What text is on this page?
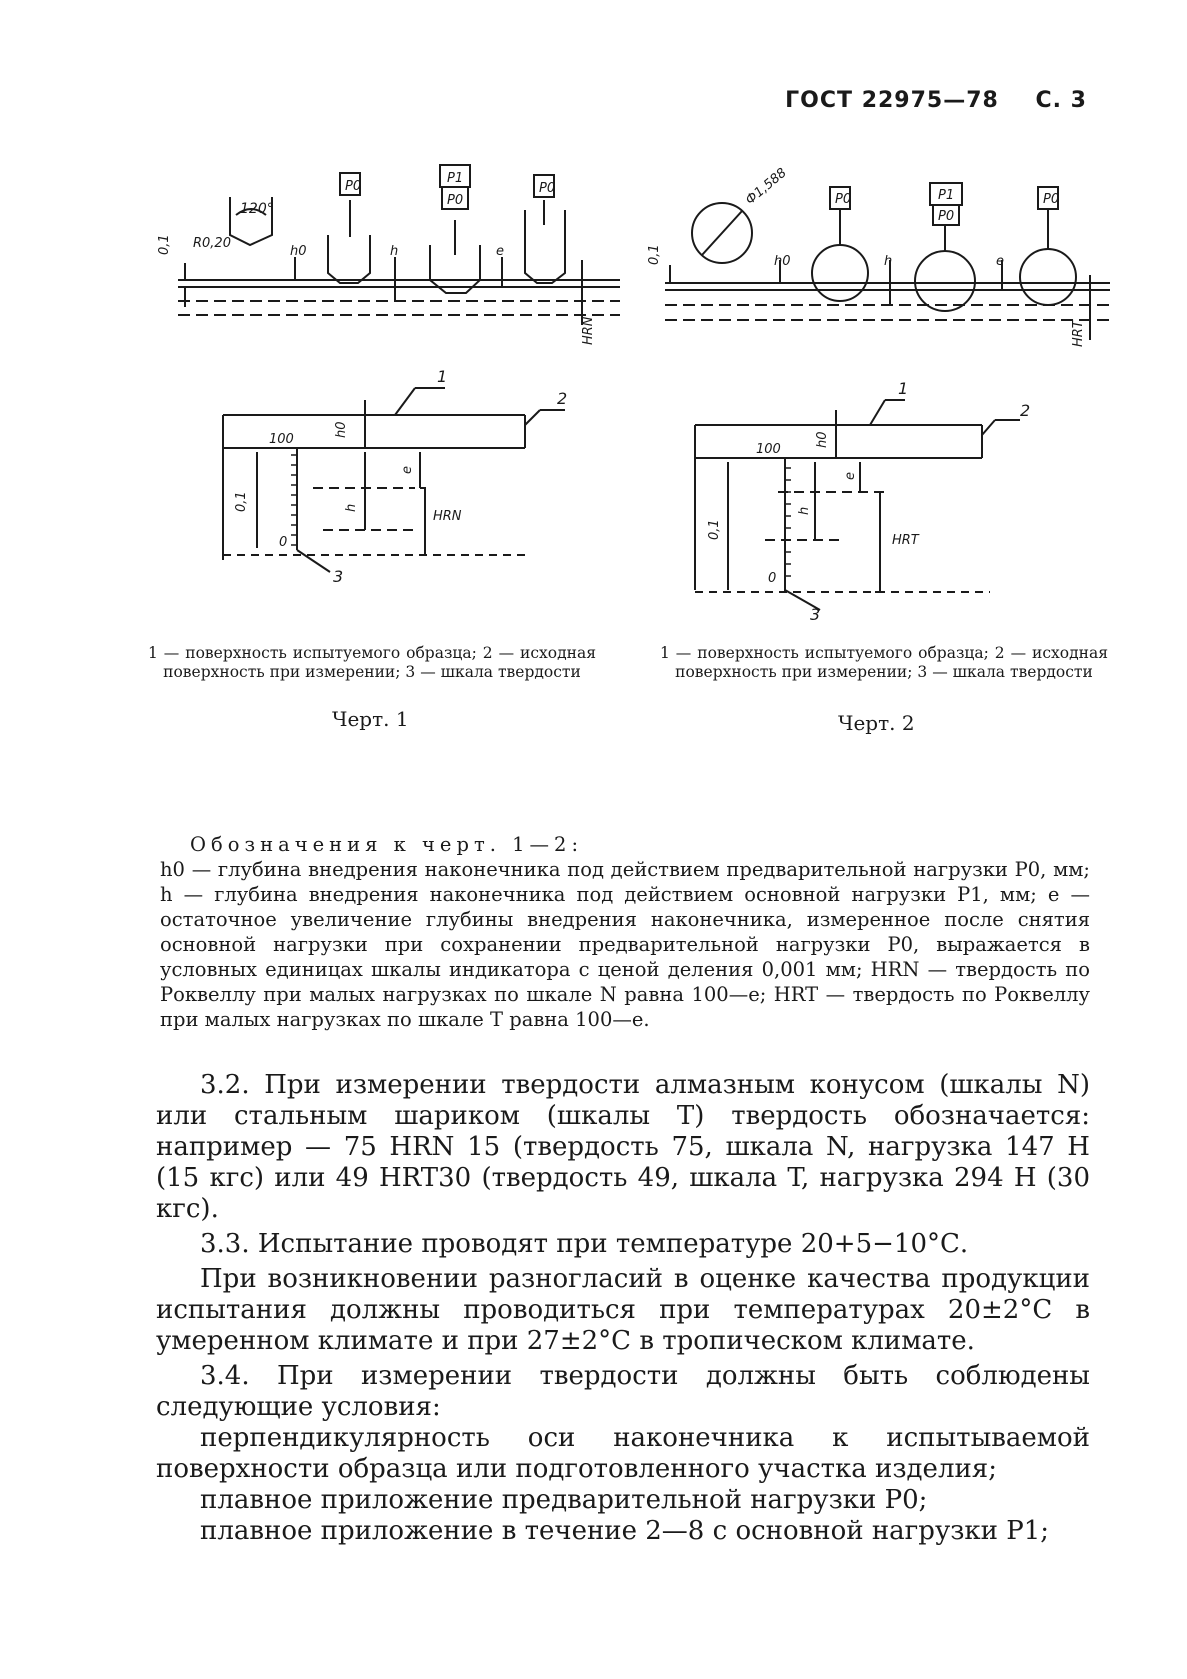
ГОСТ 22975—78 С. 3
120°
R0,20
0,1	h0
P0
P1
P0
P0
h	e
HRN
Ф1,588
0,1	h0
P0	P1
P0
P0
h	e
HRT
100
0
0,1
h0
h
e
HRN
1
2
3
100
0
0,1
h0
h
e
HRT
1
2
3
1 — поверхность испытуемого образца; 2 — исходная поверхность при измерении; 3 — шкала твердости
1 — поверхность испытуемого образца; 2 — исходная поверхность при измерении; 3 — шкала твердости
Черт. 1	Черт. 2

Обозначения к черт. 1—2:

h0 — глубина внедрения наконечника под действием предварительной нагрузки P0, мм; h — глубина внедрения наконечника под действием основной нагрузки P1, мм; e — остаточное увеличение глубины внедрения наконечника, измеренное после снятия основной нагрузки при сохранении предварительной нагрузки P0, выражается в условных единицах шкалы индикатора с ценой деления 0,001 мм; HRN — твердость по Роквеллу при малых нагрузках по шкале N равна 100—e; HRT — твердость по Роквеллу при малых нагрузках по шкале T равна 100—e.

3.2. При измерении твердости алмазным конусом (шкалы N) или стальным шариком (шкалы T) твердость обозначается: например — 75 HRN 15 (твердость 75, шкала N, нагрузка 147 Н (15 кгс) или 49 HRT30 (твердость 49, шкала T, нагрузка 294 Н (30 кгс).

3.3. Испытание проводят при температуре 20+5−10°С.

При возникновении разногласий в оценке качества продукции испытания должны проводиться при температурах 20±2°С в умеренном климате и при 27±2°С в тропическом климате.

3.4. При измерении твердости должны быть соблюдены следующие условия:

перпендикулярность оси наконечника к испытываемой поверхности образца или подготовленного участка изделия;

плавное приложение предварительной нагрузки P0;

плавное приложение в течение 2—8 с основной нагрузки P1;
